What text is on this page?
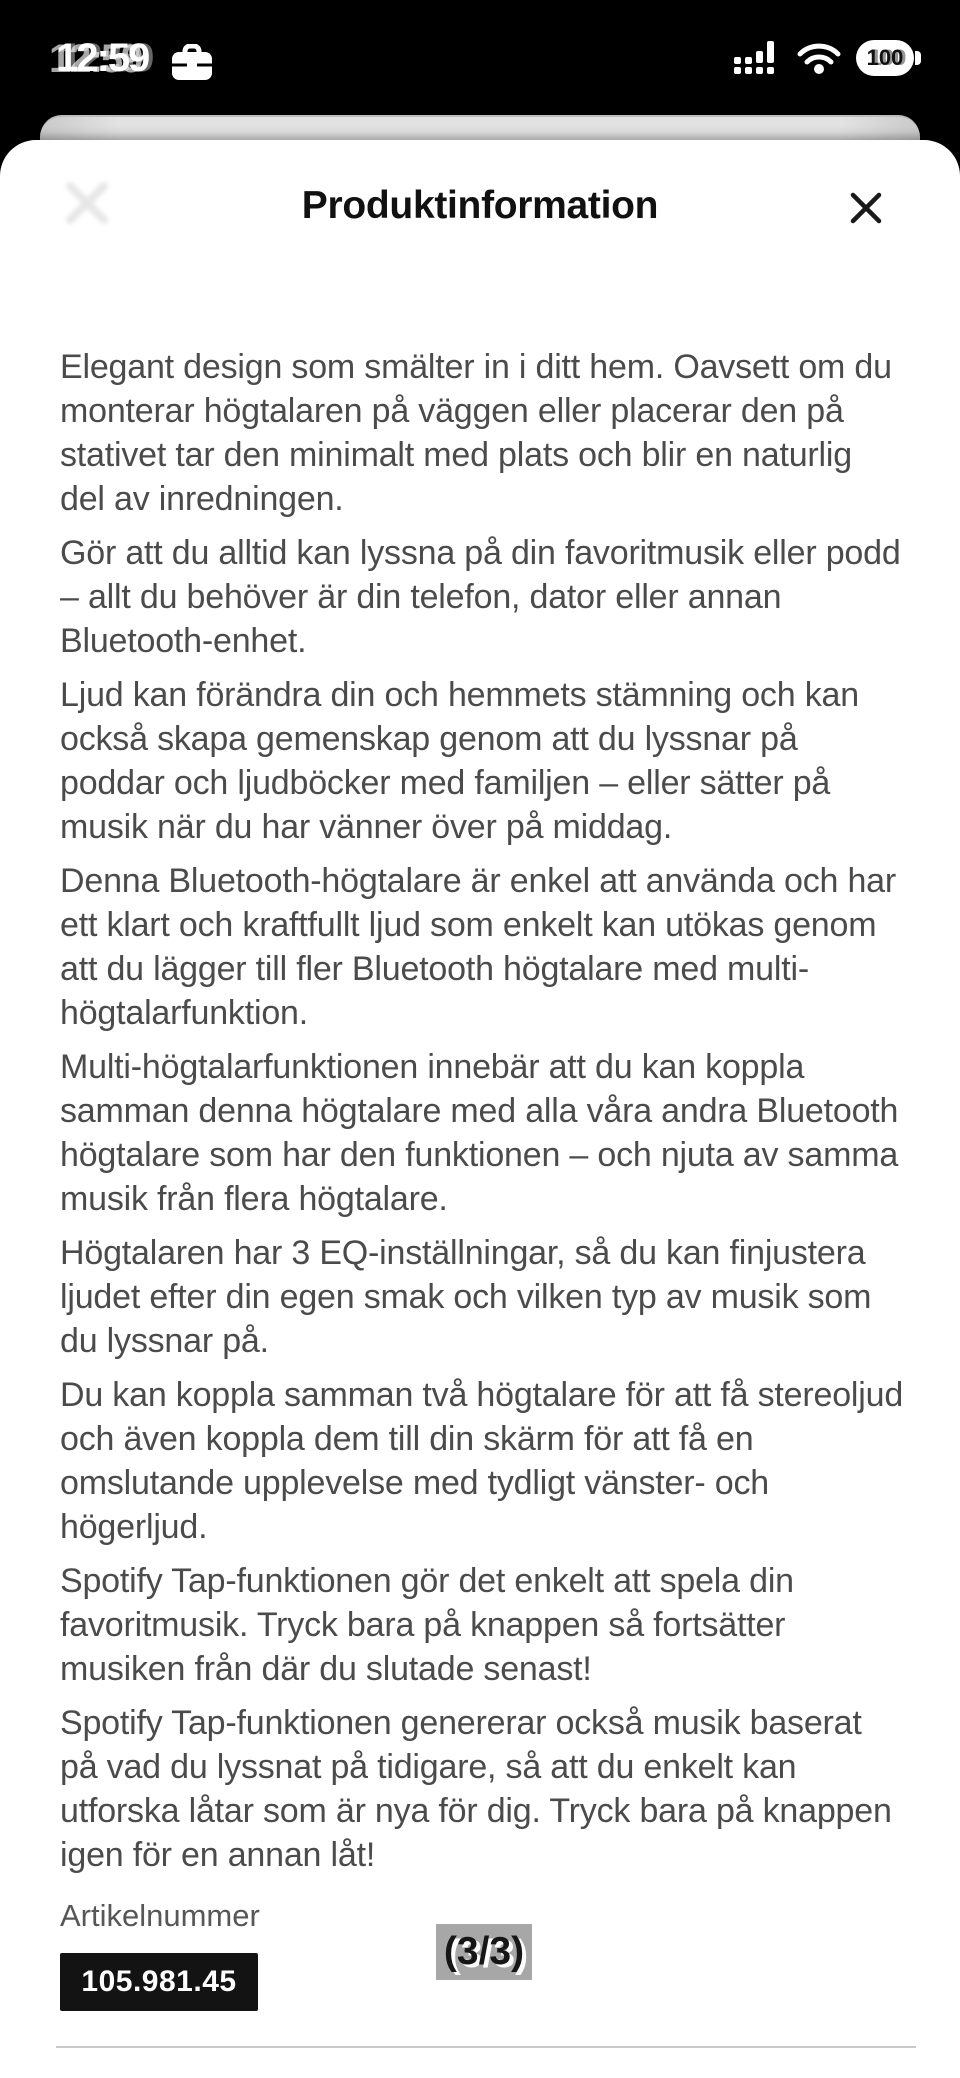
12:59	100
Produktinformation

Elegant design som smälter in i ditt hem. Oavsett om du monterar högtalaren på väggen eller placerar den på stativet tar den minimalt med plats och blir en naturlig del av inredningen.

Gör att du alltid kan lyssna på din favoritmusik eller podd – allt du behöver är din telefon, dator eller annan Bluetooth-enhet.

Ljud kan förändra din och hemmets stämning och kan också skapa gemenskap genom att du lyssnar på poddar och ljudböcker med familjen – eller sätter på musik när du har vänner över på middag.

Denna Bluetooth-högtalare är enkel att använda och har ett klart och kraftfullt ljud som enkelt kan utökas genom att du lägger till fler Bluetooth högtalare med multi-högtalarfunktion.

Multi-högtalarfunktionen innebär att du kan koppla samman denna högtalare med alla våra andra Bluetooth högtalare som har den funktionen – och njuta av samma musik från flera högtalare.

Högtalaren har 3 EQ-inställningar, så du kan finjustera ljudet efter din egen smak och vilken typ av musik som du lyssnar på.

Du kan koppla samman två högtalare för att få stereoljud och även koppla dem till din skärm för att få en omslutande upplevelse med tydligt vänster- och högerljud.

Spotify Tap-funktionen gör det enkelt att spela din favoritmusik. Tryck bara på knappen så fortsätter musiken från där du slutade senast!

Spotify Tap-funktionen genererar också musik baserat på vad du lyssnat på tidigare, så att du enkelt kan utforska låtar som är nya för dig. Tryck bara på knappen igen för en annan låt!

Artikelnummer
105.981.45
(3/3)
